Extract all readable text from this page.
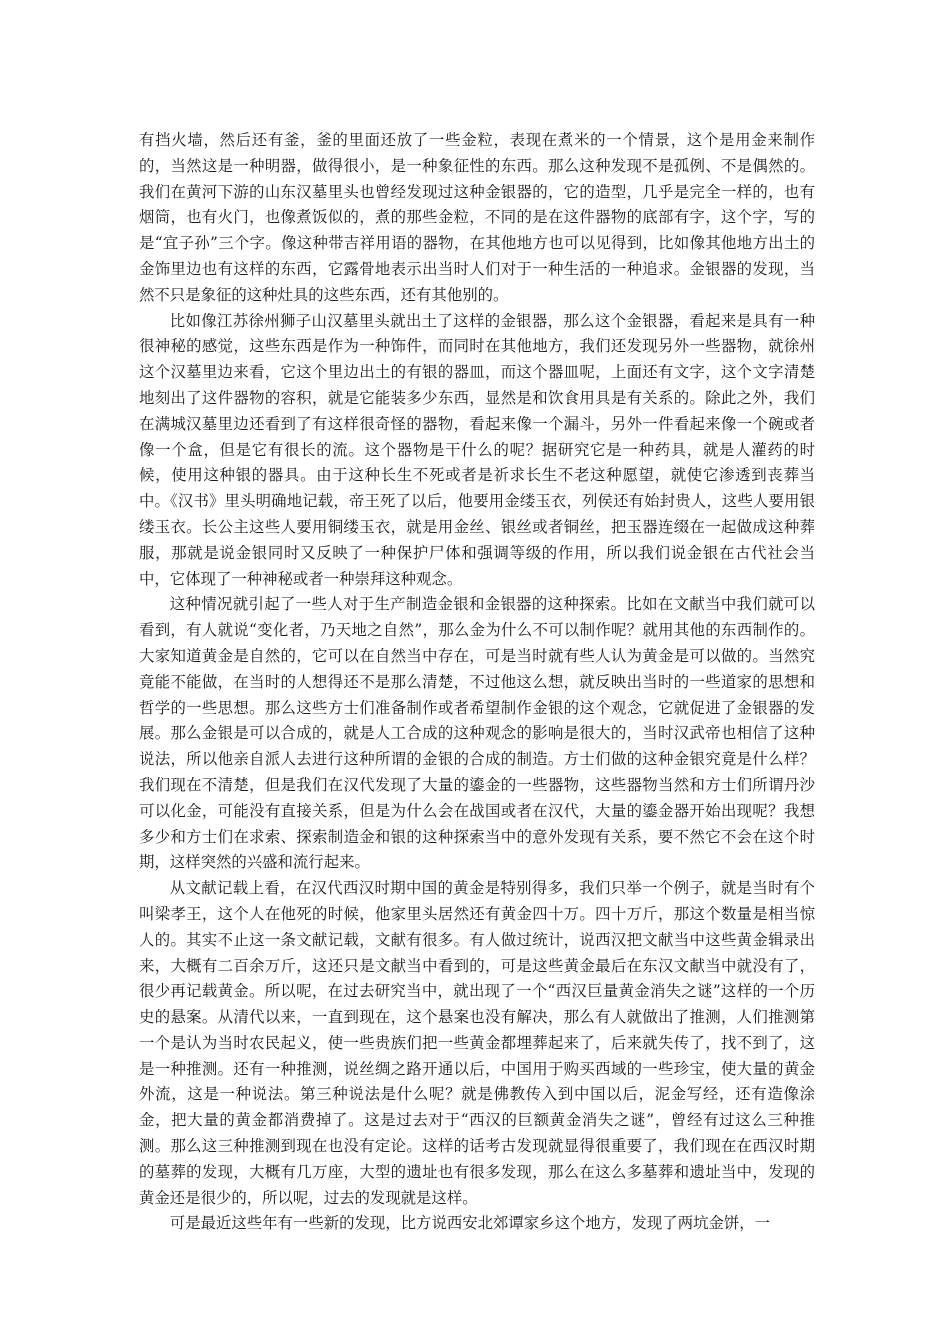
有挡火墙，然后还有釜，釜的里面还放了一些金粒，表现在煮米的一个情景，这个是用金来制作的，当然这是一种明器，做得很小，是一种象征性的东西。那么这种发现不是孤例、不是偶然的。我们在黄河下游的山东汉墓里头也曾经发现过这种金银器的，它的造型，几乎是完全一样的，也有烟筒，也有火门，也像煮饭似的，煮的那些金粒，不同的是在这件器物的底部有字，这个字，写的是“宜子孙”三个字。像这种带吉祥用语的器物，在其他地方也可以见得到，比如像其他地方出土的金饰里边也有这样的东西，它露骨地表示出当时人们对于一种生活的一种追求。金银器的发现，当然不只是象征的这种灶具的这些东西，还有其他别的。

比如像江苏徐州狮子山汉墓里头就出土了这样的金银器，那么这个金银器，看起来是具有一种很神秘的感觉，这些东西是作为一种饰件，而同时在其他地方，我们还发现另外一些器物，就徐州这个汉墓里边来看，它这个里边出土的有银的器皿，而这个器皿呢，上面还有文字，这个文字清楚地刻出了这件器物的容积，就是它能装多少东西，显然是和饮食用具是有关系的。除此之外，我们在满城汉墓里边还看到了有这样很奇怪的器物，看起来像一个漏斗，另外一件看起来像一个碗或者像一个盒，但是它有很长的流。这个器物是干什么的呢？据研究它是一种药具，就是人灌药的时候，使用这种银的器具。由于这种长生不死或者是祈求长生不老这种愿望，就使它渗透到丧葬当中。《汉书》里头明确地记载，帝王死了以后，他要用金缕玉衣，列侯还有始封贵人，这些人要用银缕玉衣。长公主这些人要用铜缕玉衣，就是用金丝、银丝或者铜丝，把玉器连缀在一起做成这种葬服，那就是说金银同时又反映了一种保护尸体和强调等级的作用，所以我们说金银在古代社会当中，它体现了一种神秘或者一种崇拜这种观念。

这种情况就引起了一些人对于生产制造金银和金银器的这种探索。比如在文献当中我们就可以看到，有人就说“变化者，乃天地之自然”，那么金为什么不可以制作呢？就用其他的东西制作的。大家知道黄金是自然的，它可以在自然当中存在，可是当时就有些人认为黄金是可以做的。当然究竟能不能做，在当时的人想得还不是那么清楚，不过他这么想，就反映出当时的一些道家的思想和哲学的一些思想。那么这些方士们准备制作或者希望制作金银的这个观念，它就促进了金银器的发展。那么金银是可以合成的，就是人工合成的这种观念的影响是很大的，当时汉武帝也相信了这种说法，所以他亲自派人去进行这种所谓的金银的合成的制造。方士们做的这种金银究竟是什么样？我们现在不清楚，但是我们在汉代发现了大量的鎏金的一些器物，这些器物当然和方士们所谓丹沙可以化金，可能没有直接关系，但是为什么会在战国或者在汉代，大量的鎏金器开始出现呢？我想多少和方士们在求索、探索制造金和银的这种探索当中的意外发现有关系，要不然它不会在这个时期，这样突然的兴盛和流行起来。

从文献记载上看，在汉代西汉时期中国的黄金是特别得多，我们只举一个例子，就是当时有个叫梁孝王，这个人在他死的时候，他家里头居然还有黄金四十万。四十万斤，那这个数量是相当惊人的。其实不止这一条文献记载，文献有很多。有人做过统计，说西汉把文献当中这些黄金辑录出来，大概有二百余万斤，这还只是文献当中看到的，可是这些黄金最后在东汉文献当中就没有了，很少再记载黄金。所以呢，在过去研究当中，就出现了一个“西汉巨量黄金消失之谜”这样的一个历史的悬案。从清代以来，一直到现在，这个悬案也没有解决，那么有人就做出了推测，人们推测第一个是认为当时农民起义，使一些贵族们把一些黄金都埋葬起来了，后来就失传了，找不到了，这是一种推测。还有一种推测，说丝绸之路开通以后，中国用于购买西域的一些珍宝，使大量的黄金外流，这是一种说法。第三种说法是什么呢？就是佛教传入到中国以后，泥金写经，还有造像涂金，把大量的黄金都消费掉了。这是过去对于“西汉的巨额黄金消失之谜”，曾经有过这么三种推测。那么这三种推测到现在也没有定论。这样的话考古发现就显得很重要了，我们现在在西汉时期的墓葬的发现，大概有几万座，大型的遗址也有很多发现，那么在这么多墓葬和遗址当中，发现的黄金还是很少的，所以呢，过去的发现就是这样。

可是最近这些年有一些新的发现，比方说西安北郊谭家乡这个地方，发现了两坑金饼，一
